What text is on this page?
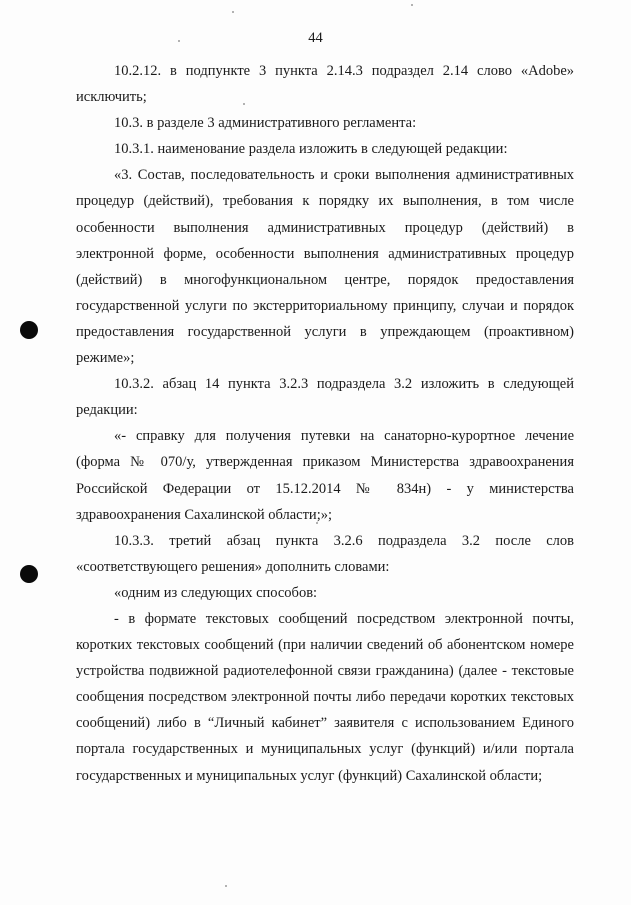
44

10.2.12. в подпункте 3 пункта 2.14.3 подраздел 2.14 слово «Adobe» исключить;

10.3. в разделе 3 административного регламента:

10.3.1. наименование раздела изложить в следующей редакции:

«3. Состав, последовательность и сроки выполнения административных процедур (действий), требования к порядку их выполнения, в том числе особенности выполнения административных процедур (действий) в электронной форме, особенности выполнения административных процедур (действий) в многофункциональном центре, порядок предоставления государственной услуги по экстерриториальному принципу, случаи и порядок предоставления государственной услуги в упреждающем (проактивном) режиме»;

10.3.2. абзац 14 пункта 3.2.3 подраздела 3.2 изложить в следующей редакции:

«- справку для получения путевки на санаторно-курортное лечение (форма № 070/у, утвержденная приказом Министерства здравоохранения Российской Федерации от 15.12.2014 № 834н) - у министерства здравоохранения Сахалинской области;»;

10.3.3. третий абзац пункта 3.2.6 подраздела 3.2 после слов «соответствующего решения» дополнить словами:

«одним из следующих способов:

- в формате текстовых сообщений посредством электронной почты, коротких текстовых сообщений (при наличии сведений об абонентском номере устройства подвижной радиотелефонной связи гражданина) (далее - текстовые сообщения посредством электронной почты либо передачи коротких текстовых сообщений) либо в “Личный кабинет” заявителя с использованием Единого портала государственных и муниципальных услуг (функций) и/или портала государственных и муниципальных услуг (функций) Сахалинской области;
